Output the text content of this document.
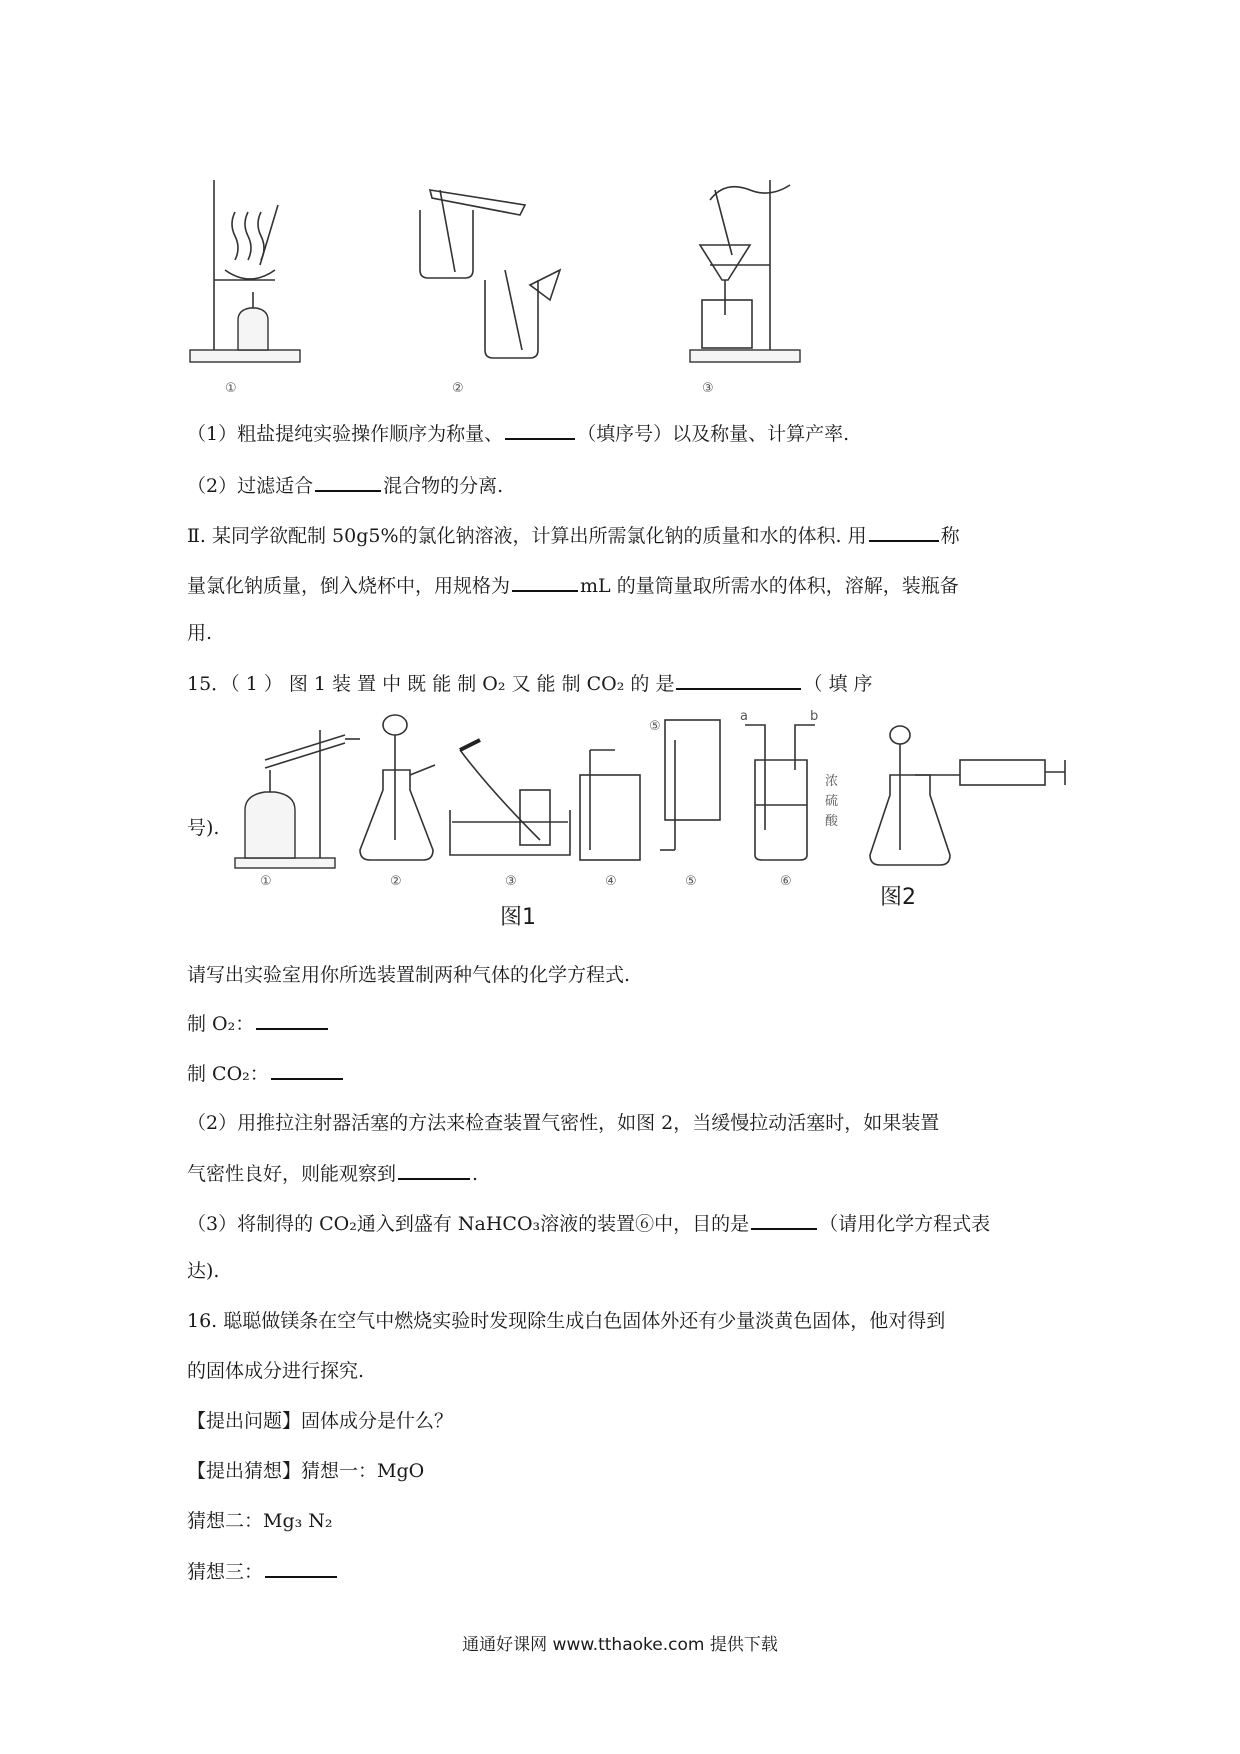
①	②	③
（1）粗盐提纯实验操作顺序为称量、	（填序号）以及称量、计算产率.
（2）过滤适合	混合物的分离.
Ⅱ. 某同学欲配制 50g5%的氯化钠溶液，计算出所需氯化钠的质量和水的体积. 用	称
量氯化钠质量，倒入烧杯中，用规格为	mL 的量筒量取所需水的体积，溶解，装瓶备
用.
15．（ 1 ） 图 1 装 置 中 既 能 制 O₂ 又 能 制 CO₂ 的 是	（ 填 序
号).
⑤
a	b
浓
硫
酸
①	②	③	④	⑤	⑥
图1
图2
请写出实验室用你所选装置制两种气体的化学方程式.
制 O₂：
制 CO₂：
（2）用推拉注射器活塞的方法来检查装置气密性，如图 2，当缓慢拉动活塞时，如果装置
气密性良好，则能观察到	.
（3）将制得的 CO₂通入到盛有 NaHCO₃溶液的装置⑥中，目的是	（请用化学方程式表
达).
16. 聪聪做镁条在空气中燃烧实验时发现除生成白色固体外还有少量淡黄色固体，他对得到
的固体成分进行探究.
【提出问题】固体成分是什么？
【提出猜想】猜想一：MgO
猜想二：Mg₃ N₂
猜想三：
通通好课网 www.tthaoke.com 提供下载
